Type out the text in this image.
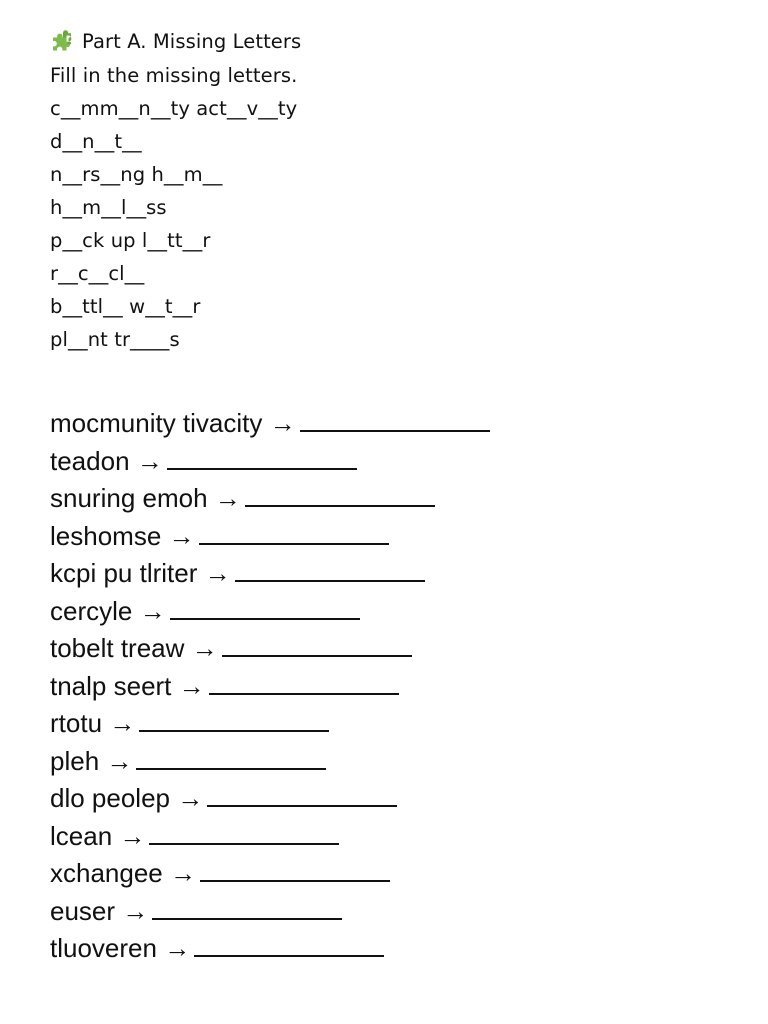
Part A. Missing Letters
Fill in the missing letters.
c__mm__n__ty act__v__ty
d__n__t__
n__rs__ng h__m__
h__m__l__ss
p__ck up l__tt__r
r__c__cl__
b__ttl__ w__t__r
pl__nt tr____s
mocmunity tivacity →
teadon →
snuring emoh →
leshomse →
kcpi pu tlriter →
cercyle →
tobelt treaw →
tnalp seert →
rtotu →
pleh →
dlo peolep →
lcean →
xchangee →
euser →
tluoveren →
